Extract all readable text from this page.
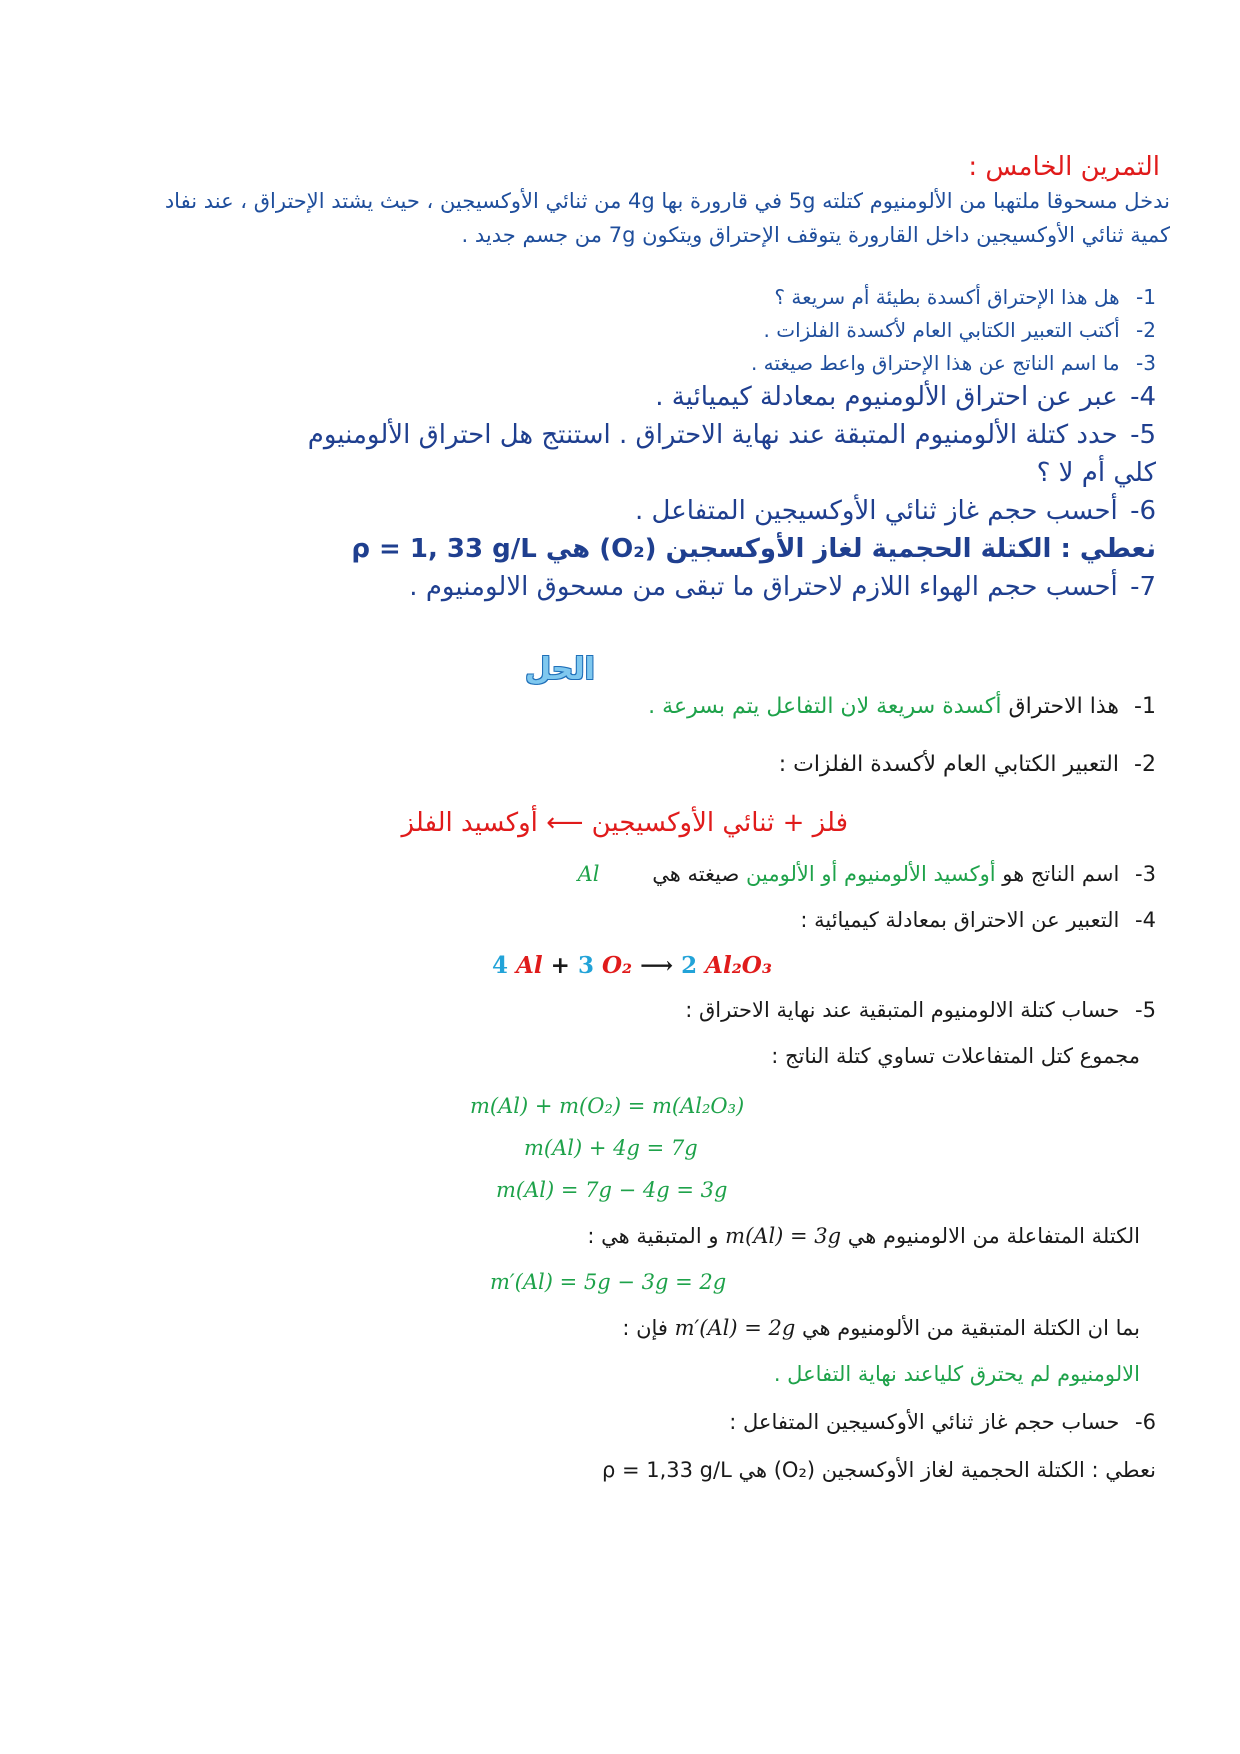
التمرين الخامس :
ندخل مسحوقا ملتهبا من الألومنيوم كتلته 5g في قارورة بها 4g من ثنائي الأوكسيجين ، حيث يشتد الإحتراق ، عند نفاد
كمية ثنائي الأوكسيجين داخل القارورة يتوقف الإحتراق ويتكون 7g من جسم جديد .
1- هل هذا الإحتراق أكسدة بطيئة أم سريعة ؟
2- أكتب التعبير الكتابي العام لأكسدة الفلزات .
3- ما اسم الناتج عن هذا الإحتراق واعط صيغته .
4- عبر عن احتراق الألومنيوم بمعادلة كيميائية .
5- حدد كتلة الألومنيوم المتبقة عند نهاية الاحتراق . استنتج هل احتراق الألومنيوم
كلي أم لا ؟
6- أحسب حجم غاز ثنائي الأوكسيجين المتفاعل .
نعطي : الكتلة الحجمية لغاز الأوكسجين (O₂) هي ρ = 1, 33 g/L
7- أحسب حجم الهواء اللازم لاحتراق ما تبقى من مسحوق الالومنيوم .
الحل
1- هذا الاحتراق أكسدة سريعة لان التفاعل يتم بسرعة .
2- التعبير الكتابي العام لأكسدة الفلزات :
فلز + ثنائي الأوكسيجين ⟵ أوكسيد الفلز
3- اسم الناتج هو أوكسيد الألومنيوم أو الألومين صيغته هي Al
4- التعبير عن الاحتراق بمعادلة كيميائية :
4 Al + 3 O₂ ⟶ 2 Al₂O₃
5- حساب كتلة الالومنيوم المتبقية عند نهاية الاحتراق :
مجموع كتل المتفاعلات تساوي كتلة الناتج :
m(Al) + m(O₂) = m(Al₂O₃)
m(Al) + 4g = 7g
m(Al) = 7g − 4g = 3g
الكتلة المتفاعلة من الالومنيوم هي m(Al) = 3g و المتبقية هي :
m′(Al) = 5g − 3g = 2g
بما ان الكتلة المتبقية من الألومنيوم هي m′(Al) = 2g فإن :
الالومنيوم لم يحترق كلياعند نهاية التفاعل .
6- حساب حجم غاز ثنائي الأوكسيجين المتفاعل :
نعطي : الكتلة الحجمية لغاز الأوكسجين (O₂) هي ρ = 1,33 g/L
